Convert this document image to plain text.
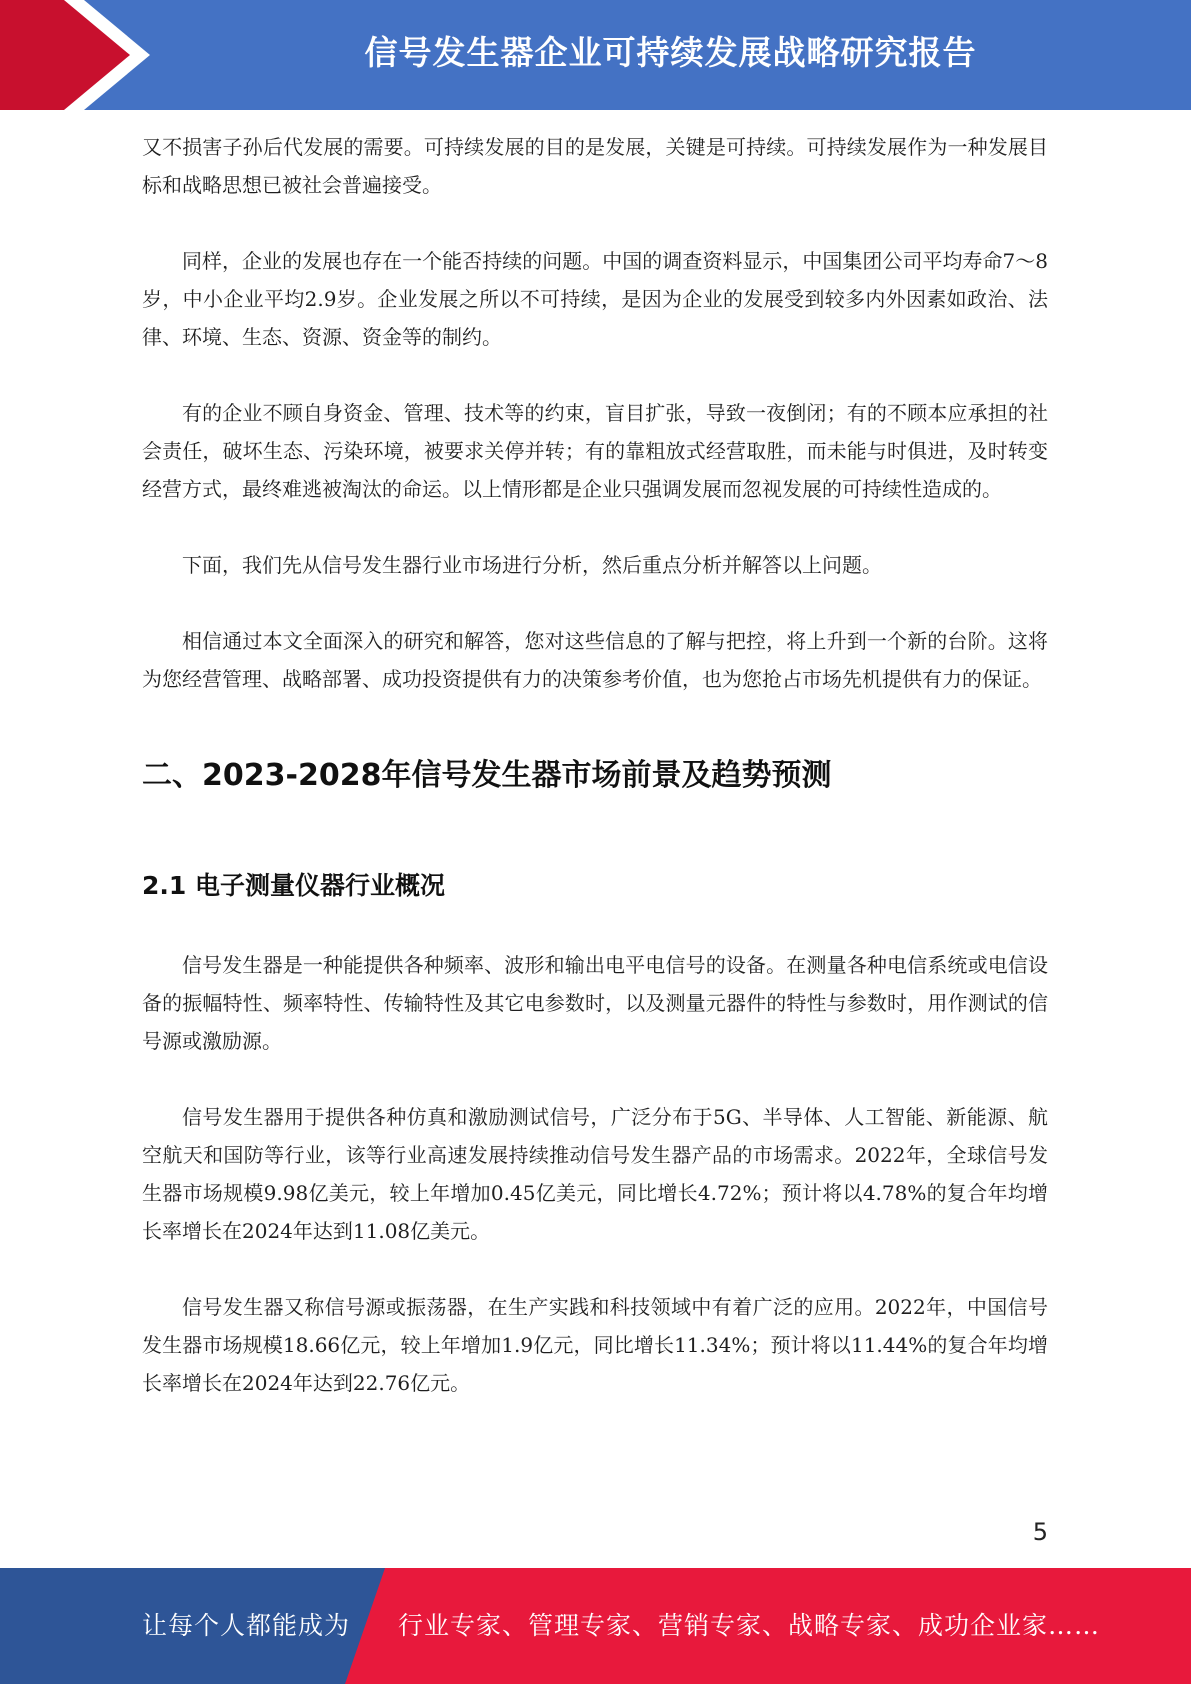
信号发生器企业可持续发展战略研究报告

又不损害子孙后代发展的需要。可持续发展的目的是发展，关键是可持续。可持续发展作为一种发展目标和战略思想已被社会普遍接受。

同样，企业的发展也存在一个能否持续的问题。中国的调查资料显示，中国集团公司平均寿命7～8岁，中小企业平均2.9岁。企业发展之所以不可持续，是因为企业的发展受到较多内外因素如政治、法律、环境、生态、资源、资金等的制约。

有的企业不顾自身资金、管理、技术等的约束，盲目扩张，导致一夜倒闭；有的不顾本应承担的社会责任，破坏生态、污染环境，被要求关停并转；有的靠粗放式经营取胜，而未能与时俱进，及时转变经营方式，最终难逃被淘汰的命运。以上情形都是企业只强调发展而忽视发展的可持续性造成的。

下面，我们先从信号发生器行业市场进行分析，然后重点分析并解答以上问题。

相信通过本文全面深入的研究和解答，您对这些信息的了解与把控，将上升到一个新的台阶。这将为您经营管理、战略部署、成功投资提供有力的决策参考价值，也为您抢占市场先机提供有力的保证。

二、2023-2028年信号发生器市场前景及趋势预测
2.1 电子测量仪器行业概况

信号发生器是一种能提供各种频率、波形和输出电平电信号的设备。在测量各种电信系统或电信设备的振幅特性、频率特性、传输特性及其它电参数时，以及测量元器件的特性与参数时，用作测试的信号源或激励源。

信号发生器用于提供各种仿真和激励测试信号，广泛分布于5G、半导体、人工智能、新能源、航空航天和国防等行业，该等行业高速发展持续推动信号发生器产品的市场需求。2022年，全球信号发生器市场规模9.98亿美元，较上年增加0.45亿美元，同比增长4.72%；预计将以4.78%的复合年均增长率增长在2024年达到11.08亿美元。

信号发生器又称信号源或振荡器，在生产实践和科技领域中有着广泛的应用。2022年，中国信号发生器市场规模18.66亿元，较上年增加1.9亿元，同比增长11.34%；预计将以11.44%的复合年均增长率增长在2024年达到22.76亿元。

5
让每个人都能成为 行业专家、管理专家、营销专家、战略专家、成功企业家……
